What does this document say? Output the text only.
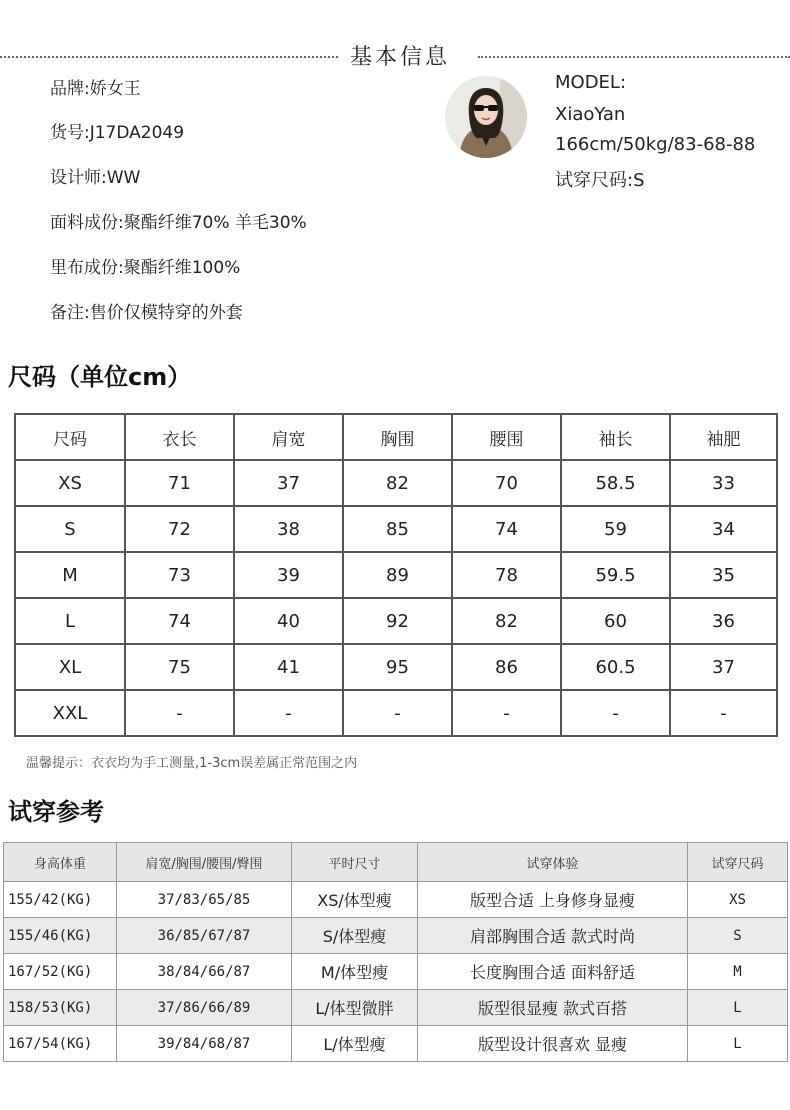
基本信息
品牌:娇女王
货号:J17DA2049
设计师:WW
面料成份:聚酯纤维70% 羊毛30%
里布成份:聚酯纤维100%
备注:售价仅模特穿的外套
MODEL:
XiaoYan
166cm/50kg/83-68-88
试穿尺码:S
尺码（单位cm）
尺码	衣长	肩宽	胸围	腰围	袖长	袖肥
XS	71	37	82	70	58.5	33
S	72	38	85	74	59	34
M	73	39	89	78	59.5	35
L	74	40	92	82	60	36
XL	75	41	95	86	60.5	37
XXL	-	-	-	-	-	-
温馨提示：衣衣均为手工测量,1-3cm误差属正常范围之内
试穿参考
身高体重	肩宽/胸围/腰围/臀围	平时尺寸	试穿体验	试穿尺码
155/42(KG)	37/83/65/85	XS/体型瘦	版型合适 上身修身显瘦	XS
155/46(KG)	36/85/67/87	S/体型瘦	肩部胸围合适 款式时尚	S
167/52(KG)	38/84/66/87	M/体型瘦	长度胸围合适 面料舒适	M
158/53(KG)	37/86/66/89	L/体型微胖	版型很显瘦 款式百搭	L
167/54(KG)	39/84/68/87	L/体型瘦	版型设计很喜欢 显瘦	L
